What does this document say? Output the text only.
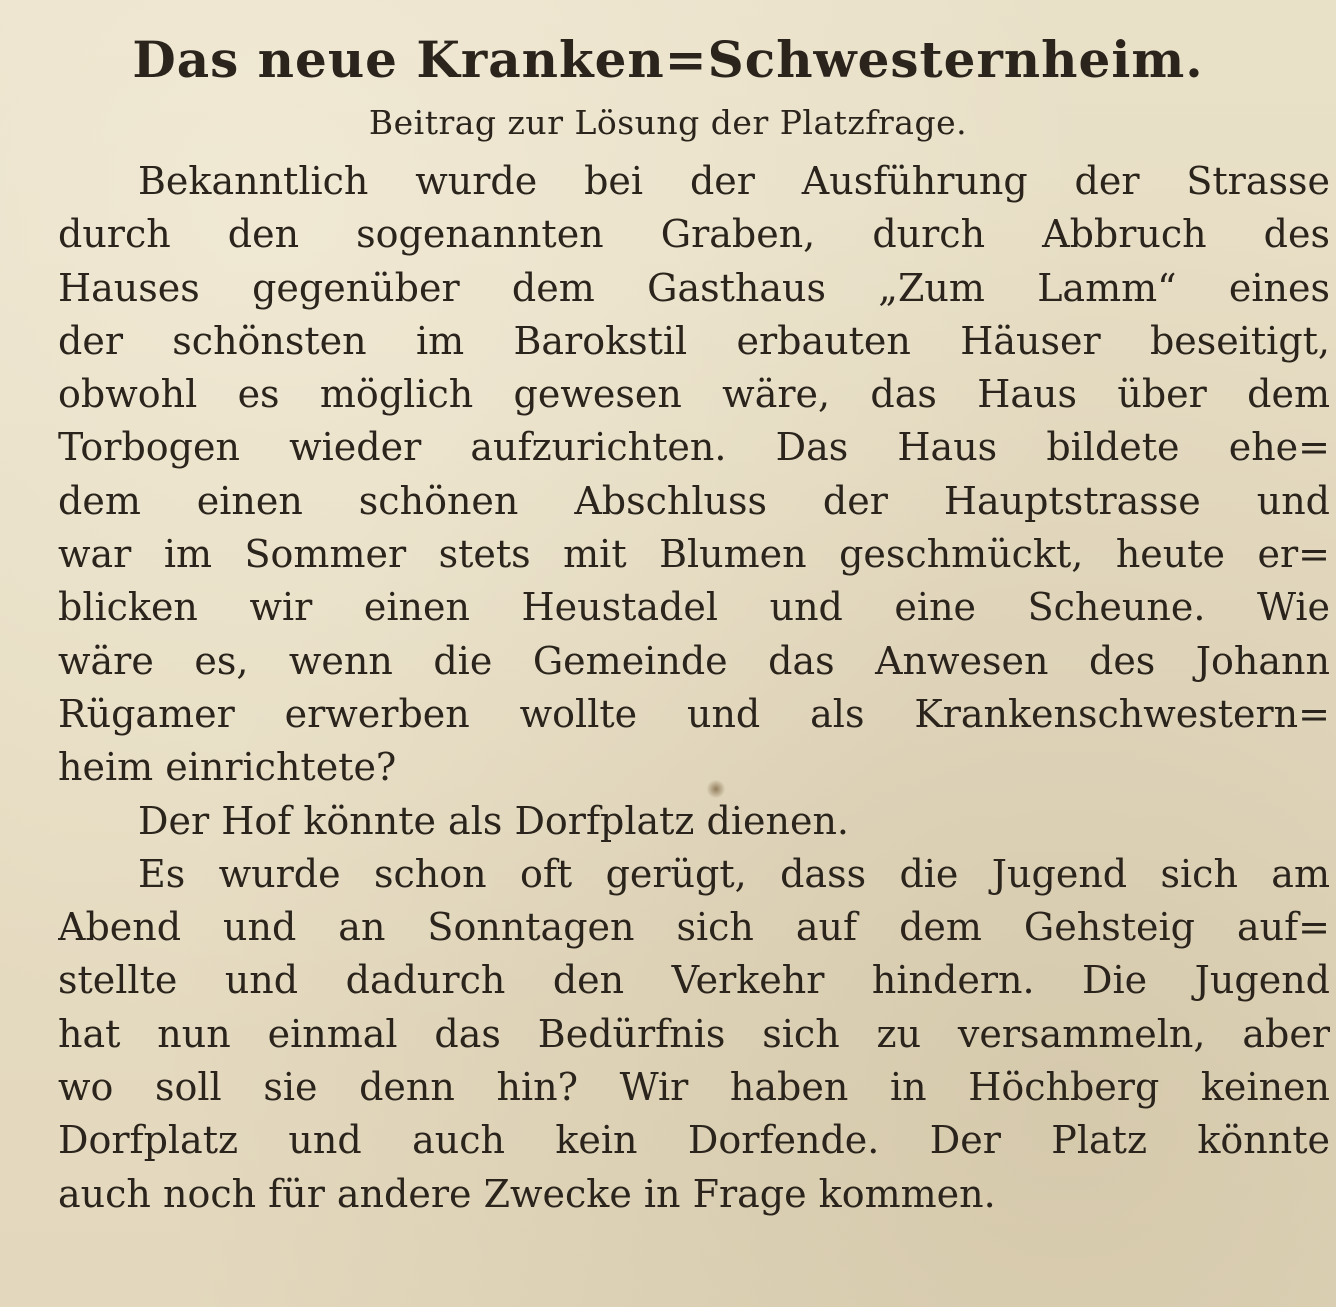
Das neue Kranken=Schwesternheim.
Beitrag zur Lösung der Platzfrage.
Bekanntlich wurde bei der Ausführung der Strasse
durch den sogenannten Graben, durch Abbruch des
Hauses gegenüber dem Gasthaus „Zum Lamm“ eines
der schönsten im Barokstil erbauten Häuser beseitigt,
obwohl es möglich gewesen wäre, das Haus über dem
Torbogen wieder aufzurichten. Das Haus bildete ehe=
dem einen schönen Abschluss der Hauptstrasse und
war im Sommer stets mit Blumen geschmückt, heute er=
blicken wir einen Heustadel und eine Scheune. Wie
wäre es, wenn die Gemeinde das Anwesen des Johann
Rügamer erwerben wollte und als Krankenschwestern=
heim einrichtete?
Der Hof könnte als Dorfplatz dienen.
Es wurde schon oft gerügt, dass die Jugend sich am
Abend und an Sonntagen sich auf dem Gehsteig auf=
stellte und dadurch den Verkehr hindern. Die Jugend
hat nun einmal das Bedürfnis sich zu versammeln, aber
wo soll sie denn hin? Wir haben in Höchberg keinen
Dorfplatz und auch kein Dorfende. Der Platz könnte
auch noch für andere Zwecke in Frage kommen.
